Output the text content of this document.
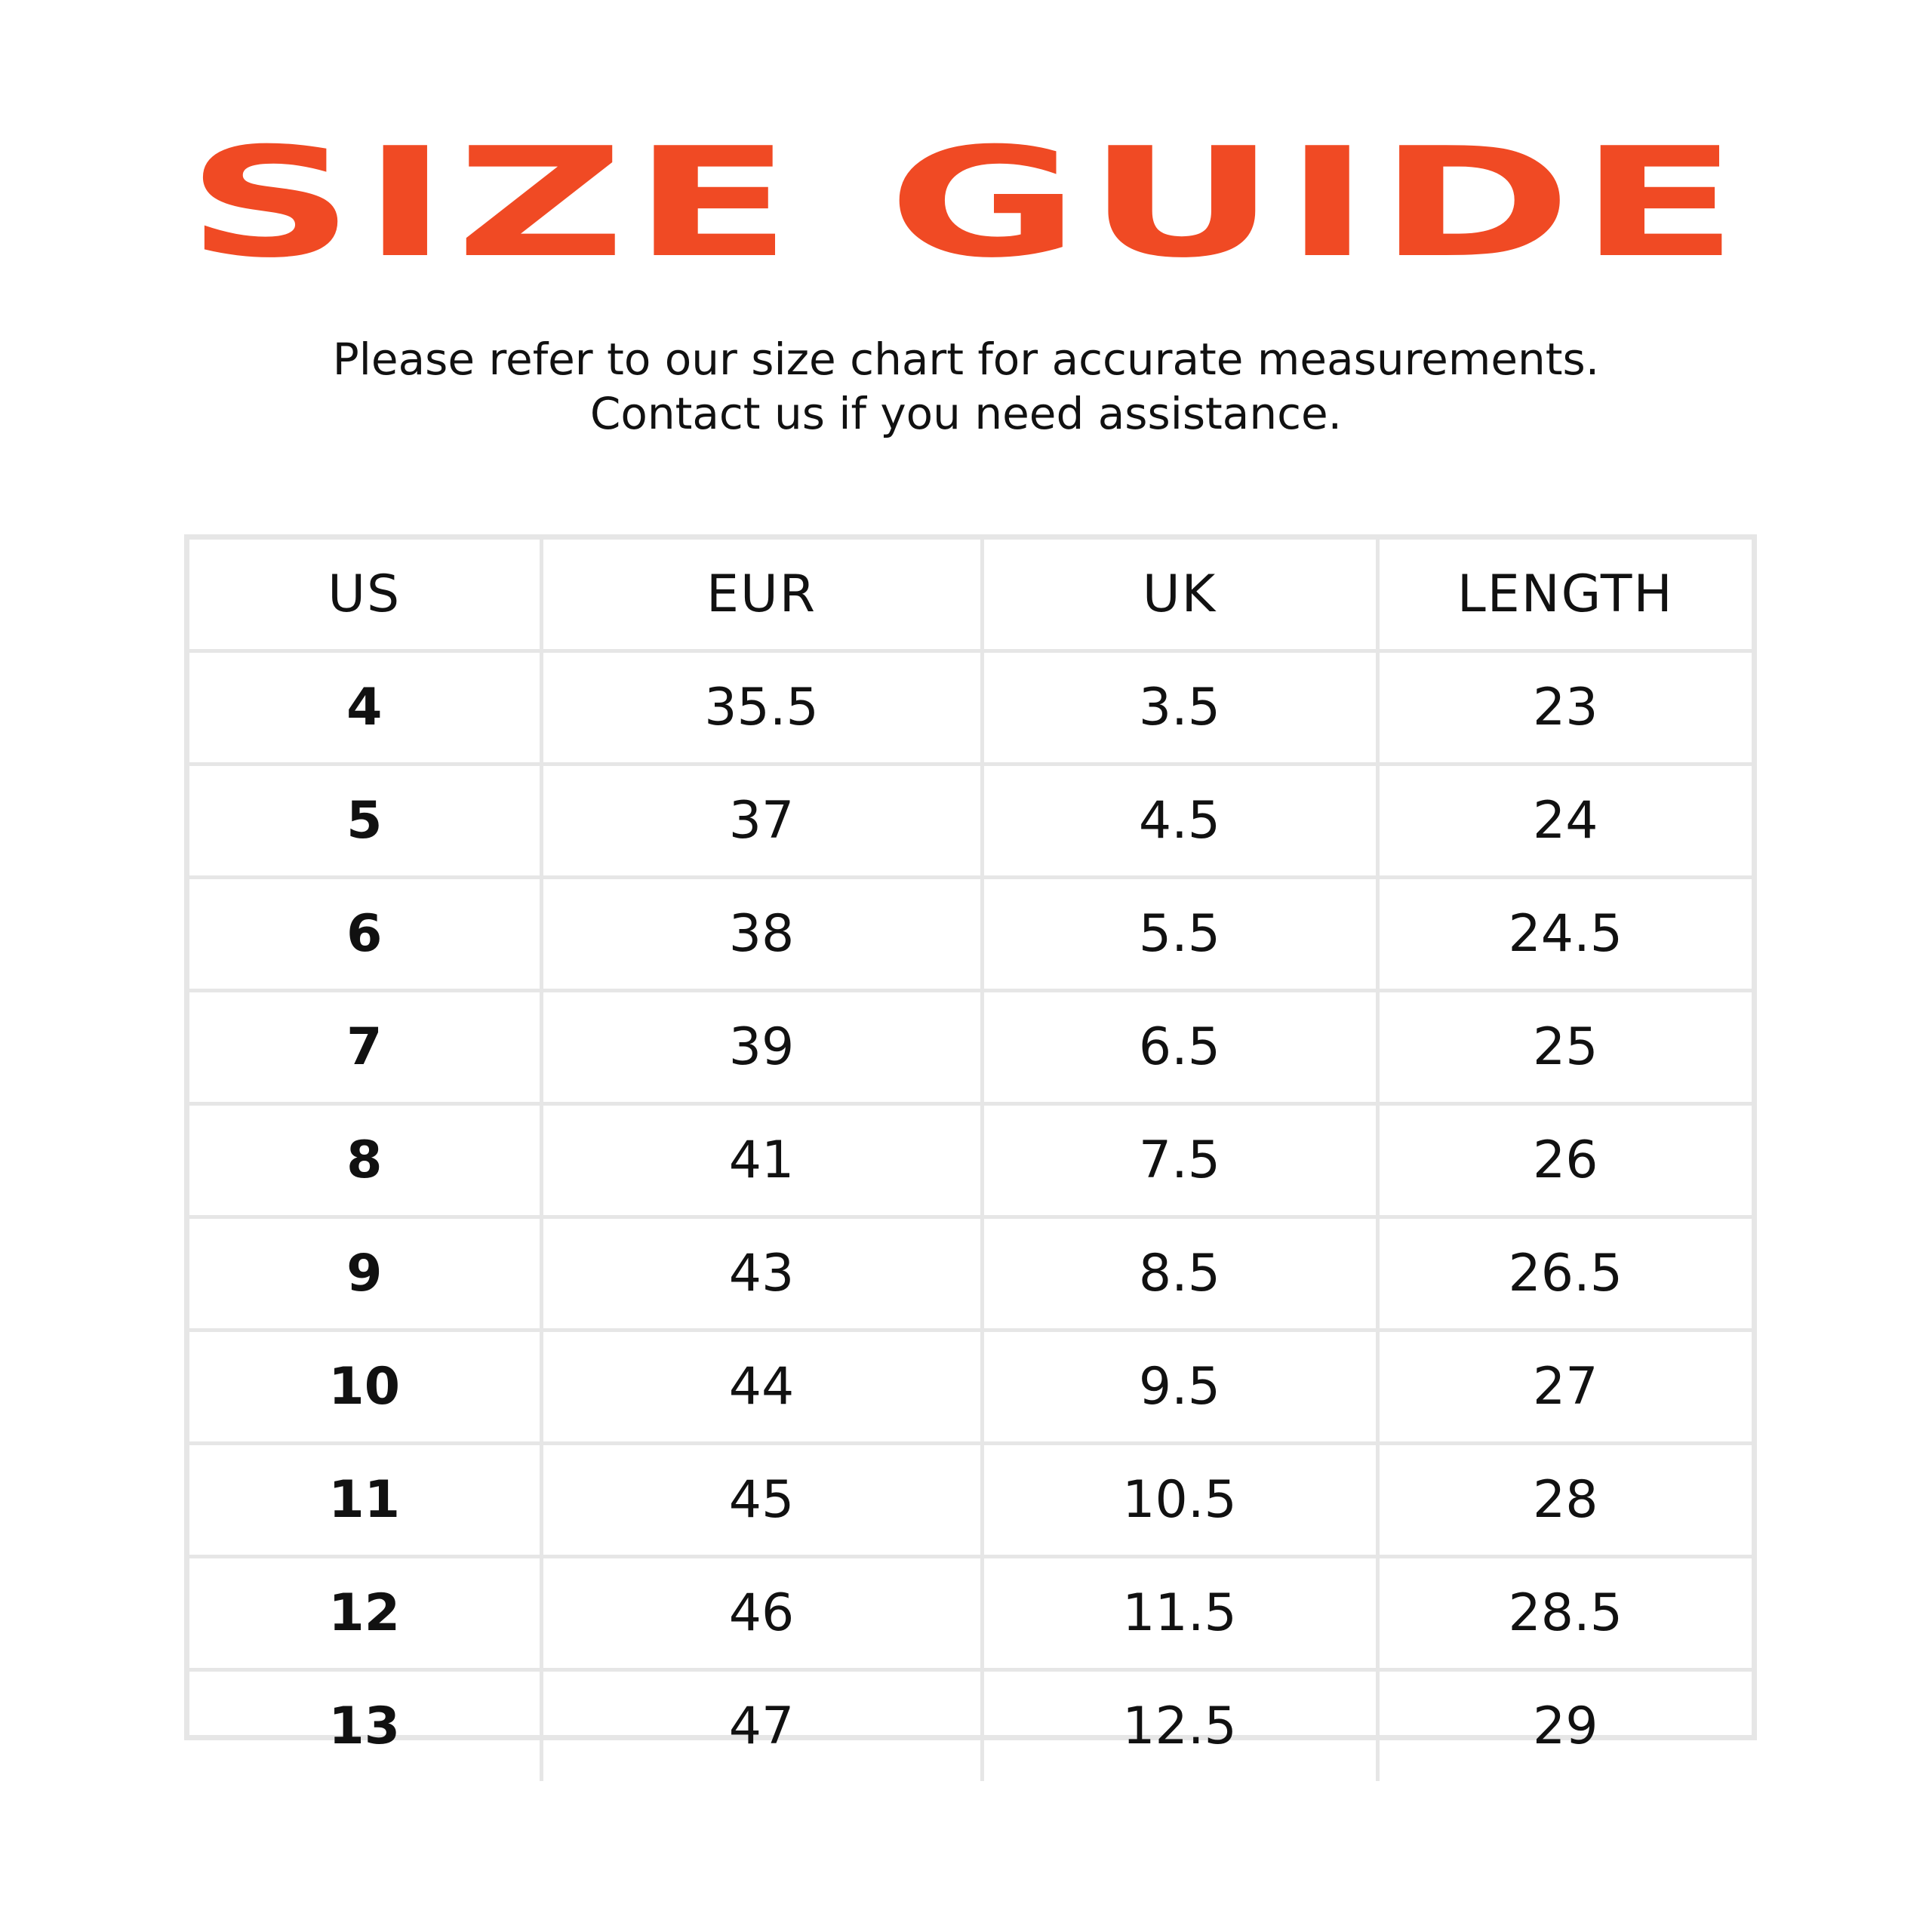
SIZE GUIDE
Please refer to our size chart for accurate measurements.
Contact us if you need assistance.
US	EUR	UK	LENGTH
4	35.5	3.5	23
5	37	4.5	24
6	38	5.5	24.5
7	39	6.5	25
8	41	7.5	26
9	43	8.5	26.5
10	44	9.5	27
11	45	10.5	28
12	46	11.5	28.5
13	47	12.5	29
